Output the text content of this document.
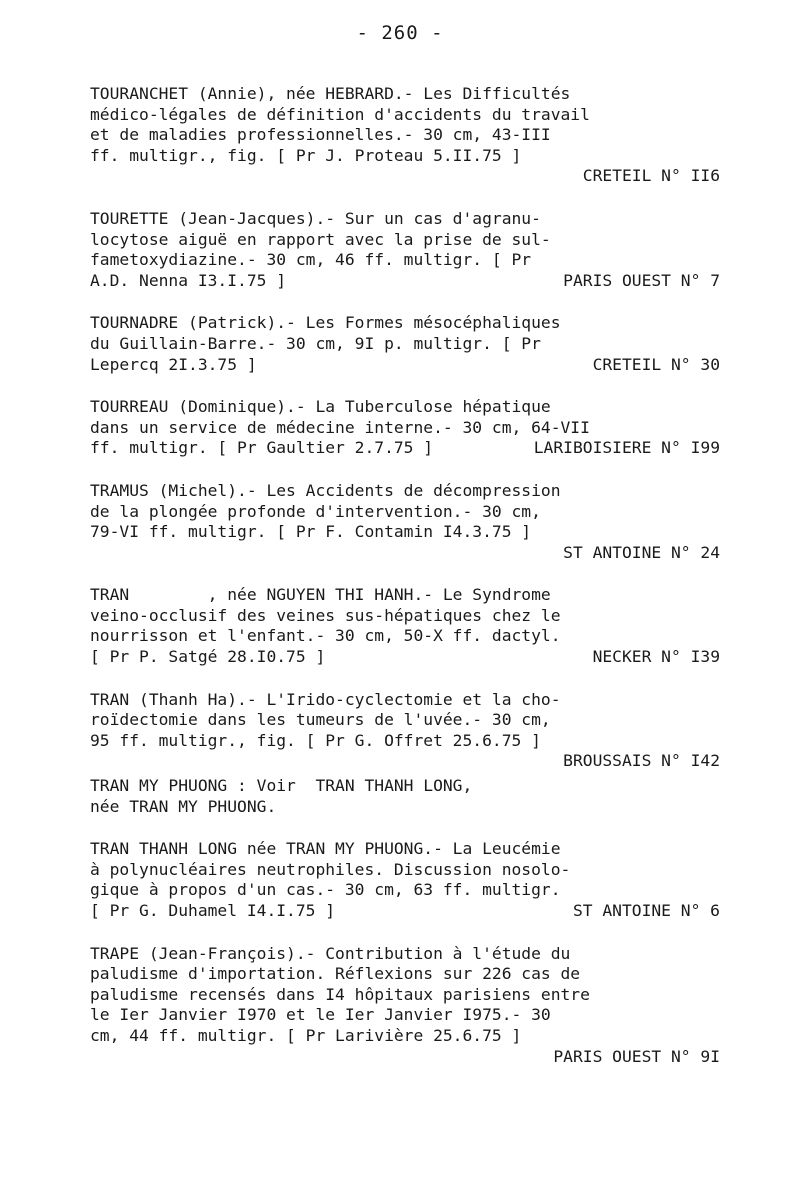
- 260 -
TOURANCHET (Annie), née HEBRARD.- Les Difficultés
médico-légales de définition d'accidents du travail
et de maladies professionnelles.- 30 cm, 43-III
ff. multigr., fig. [ Pr J. Proteau 5.II.75 ]
CRETEIL N° II6
TOURETTE (Jean-Jacques).- Sur un cas d'agranu-
locytose aiguë en rapport avec la prise de sul-
fametoxydiazine.- 30 cm, 46 ff. multigr. [ Pr
A.D. Nenna I3.I.75 ]	PARIS OUEST N° 7
TOURNADRE (Patrick).- Les Formes mésocéphaliques
du Guillain-Barre.- 30 cm, 9I p. multigr. [ Pr
Lepercq 2I.3.75 ]	CRETEIL N° 30
TOURREAU (Dominique).- La Tuberculose hépatique
dans un service de médecine interne.- 30 cm, 64-VII
ff. multigr. [ Pr Gaultier 2.7.75 ]	LARIBOISIERE N° I99
TRAMUS (Michel).- Les Accidents de décompression
de la plongée profonde d'intervention.- 30 cm,
79-VI ff. multigr. [ Pr F. Contamin I4.3.75 ]
ST ANTOINE N° 24
TRAN        , née NGUYEN THI HANH.- Le Syndrome
veino-occlusif des veines sus-hépatiques chez le
nourrisson et l'enfant.- 30 cm, 50-X ff. dactyl.
[ Pr P. Satgé 28.I0.75 ]	NECKER N° I39
TRAN (Thanh Ha).- L'Irido-cyclectomie et la cho-
roïdectomie dans les tumeurs de l'uvée.- 30 cm,
95 ff. multigr., fig. [ Pr G. Offret 25.6.75 ]
BROUSSAIS N° I42
TRAN MY PHUONG : Voir  TRAN THANH LONG,
née TRAN MY PHUONG.
TRAN THANH LONG née TRAN MY PHUONG.- La Leucémie
à polynucléaires neutrophiles. Discussion nosolo-
gique à propos d'un cas.- 30 cm, 63 ff. multigr.
[ Pr G. Duhamel I4.I.75 ]	ST ANTOINE N° 6
TRAPE (Jean-François).- Contribution à l'étude du
paludisme d'importation. Réflexions sur 226 cas de
paludisme recensés dans I4 hôpitaux parisiens entre
le Ier Janvier I970 et le Ier Janvier I975.- 30
cm, 44 ff. multigr. [ Pr Larivière 25.6.75 ]
PARIS OUEST N° 9I
